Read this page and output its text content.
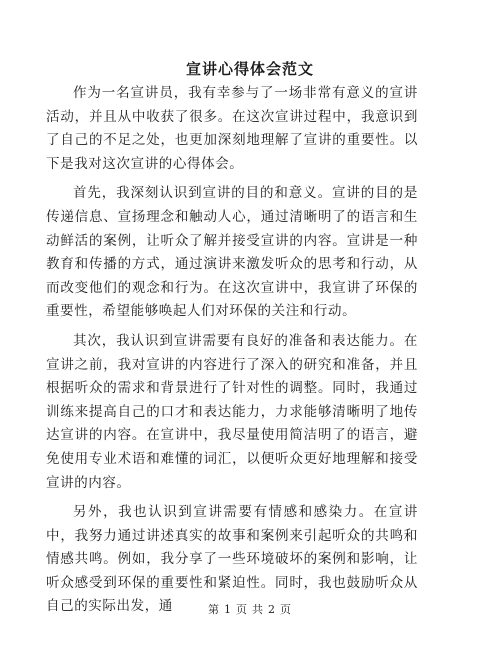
宣讲心得体会范文

作为一名宣讲员，我有幸参与了一场非常有意义的宣讲活动，并且从中收获了很多。在这次宣讲过程中，我意识到了自己的不足之处，也更加深刻地理解了宣讲的重要性。以下是我对这次宣讲的心得体会。

首先，我深刻认识到宣讲的目的和意义。宣讲的目的是传递信息、宣扬理念和触动人心，通过清晰明了的语言和生动鲜活的案例，让听众了解并接受宣讲的内容。宣讲是一种教育和传播的方式，通过演讲来激发听众的思考和行动，从而改变他们的观念和行为。在这次宣讲中，我宣讲了环保的重要性，希望能够唤起人们对环保的关注和行动。

其次，我认识到宣讲需要有良好的准备和表达能力。在宣讲之前，我对宣讲的内容进行了深入的研究和准备，并且根据听众的需求和背景进行了针对性的调整。同时，我通过训练来提高自己的口才和表达能力，力求能够清晰明了地传达宣讲的内容。在宣讲中，我尽量使用简洁明了的语言，避免使用专业术语和难懂的词汇，以便听众更好地理解和接受宣讲的内容。

另外，我也认识到宣讲需要有情感和感染力。在宣讲中，我努力通过讲述真实的故事和案例来引起听众的共鸣和情感共鸣。例如，我分享了一些环境破坏的案例和影响，让听众感受到环保的重要性和紧迫性。同时，我也鼓励听众从自己的实际出发，通	第 1 页 共 2 页
